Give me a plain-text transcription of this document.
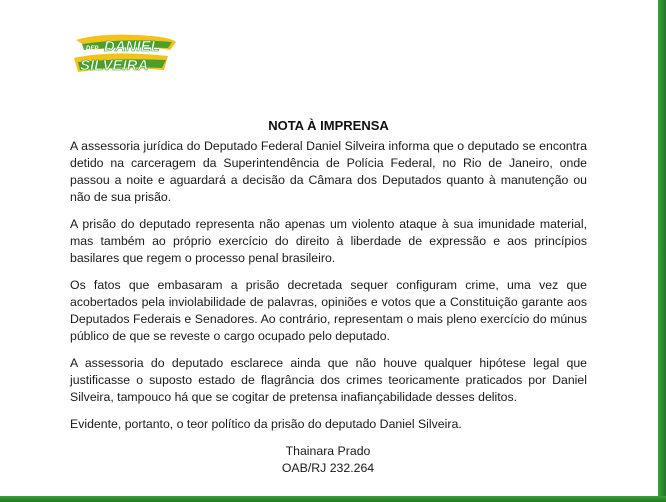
DEP. DANIEL
SILVEIRA
NOTA À IMPRENSA

A assessoria jurídica do Deputado Federal Daniel Silveira informa que o deputado se encontra detido na carceragem da Superintendência de Polícia Federal, no Rio de Janeiro, onde passou a noite e aguardará a decisão da Câmara dos Deputados quanto à manutenção ou não de sua prisão.

A prisão do deputado representa não apenas um violento ataque à sua imunidade material, mas também ao próprio exercício do direito à liberdade de expressão e aos princípios basilares que regem o processo penal brasileiro.

Os fatos que embasaram a prisão decretada sequer configuram crime, uma vez que acobertados pela inviolabilidade de palavras, opiniões e votos que a Constituição garante aos Deputados Federais e Senadores. Ao contrário, representam o mais pleno exercício do múnus público de que se reveste o cargo ocupado pelo deputado.

A assessoria do deputado esclarece ainda que não houve qualquer hipótese legal que justificasse o suposto estado de flagrância dos crimes teoricamente praticados por Daniel Silveira, tampouco há que se cogitar de pretensa inafiançabilidade desses delitos.

Evidente, portanto, o teor político da prisão do deputado Daniel Silveira.

Thainara Prado
OAB/RJ 232.264
